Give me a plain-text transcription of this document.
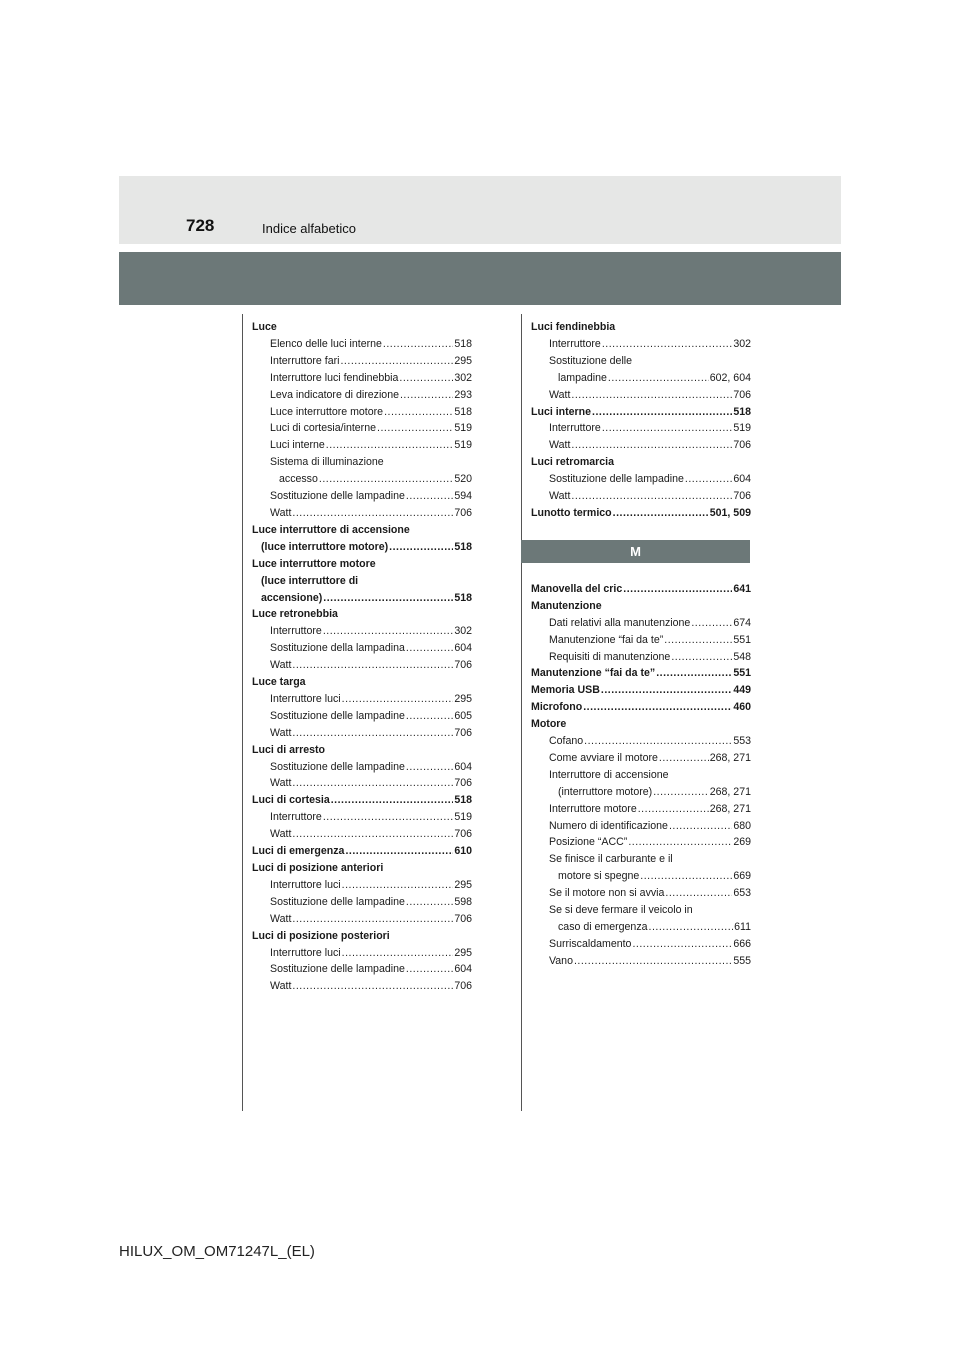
728	Indice alfabetico
Luce
Elenco delle luci interne .....	518
Interruttore fari .....	295
Interruttore luci fendinebbia .....	302
Leva indicatore di direzione .....	293
Luce interruttore motore .....	518
Luci di cortesia/interne .....	519
Luci interne .....	519
Sistema di illuminazione
accesso .....	520
Sostituzione delle lampadine .....	594
Watt .....	706
Luce interruttore di accensione
(luce interruttore motore) .....	518
Luce interruttore motore
(luce interruttore di
accensione) .....	518
Luce retronebbia
Interruttore .....	302
Sostituzione della lampadina .....	604
Watt .....	706
Luce targa
Interruttore luci .....	295
Sostituzione delle lampadine .....	605
Watt .....	706
Luci di arresto
Sostituzione delle lampadine .....	604
Watt .....	706
Luci di cortesia .....	518
Interruttore .....	519
Watt .....	706
Luci di emergenza .....	610
Luci di posizione anteriori
Interruttore luci .....	295
Sostituzione delle lampadine .....	598
Watt .....	706
Luci di posizione posteriori
Interruttore luci .....	295
Sostituzione delle lampadine .....	604
Watt .....	706
Luci fendinebbia
Interruttore .....	302
Sostituzione delle
lampadine .....	602, 604
Watt .....	706
Luci interne .....	518
Interruttore .....	519
Watt .....	706
Luci retromarcia
Sostituzione delle lampadine .....	604
Watt .....	706
Lunotto termico .....	501, 509
M
Manovella del cric .....	641
Manutenzione
Dati relativi alla manutenzione .....	674
Manutenzione “fai da te” .....	551
Requisiti di manutenzione .....	548
Manutenzione “fai da te” .....	551
Memoria USB .....	449
Microfono .....	460
Motore
Cofano .....	553
Come avviare il motore .....	268, 271
Interruttore di accensione
(interruttore motore) .....	268, 271
Interruttore motore .....	268, 271
Numero di identificazione .....	680
Posizione “ACC” .....	269
Se finisce il carburante e il
motore si spegne .....	669
Se il motore non si avvia .....	653
Se si deve fermare il veicolo in
caso di emergenza .....	611
Surriscaldamento .....	666
Vano .....	555
HILUX_OM_OM71247L_(EL)
